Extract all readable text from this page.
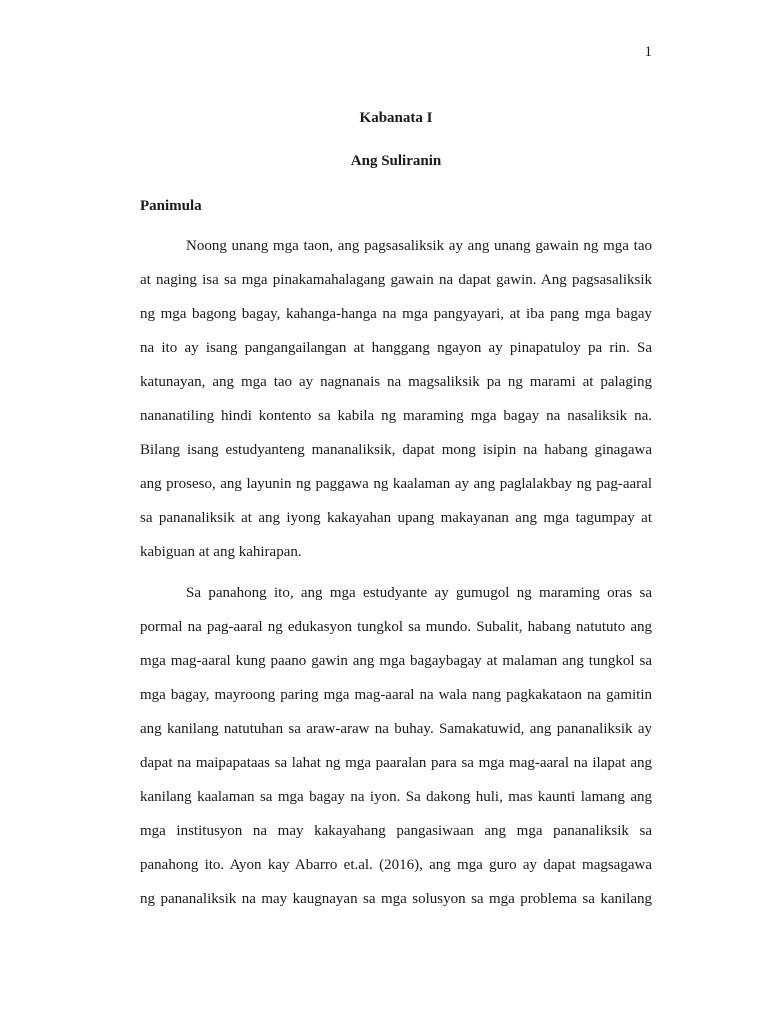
1
Kabanata I
Ang Suliranin
Panimula
Noong unang mga taon, ang pagsasaliksik ay ang unang gawain ng mga tao
at naging isa sa mga pinakamahalagang gawain na dapat gawin. Ang pagsasaliksik
ng mga bagong bagay, kahanga-hanga na mga pangyayari, at iba pang mga bagay
na ito ay isang pangangailangan at hanggang ngayon ay pinapatuloy pa rin. Sa
katunayan, ang mga tao ay nagnanais na magsaliksik pa ng marami at palaging
nananatiling hindi kontento sa kabila ng maraming mga bagay na nasaliksik na.
Bilang isang estudyanteng mananaliksik, dapat mong isipin na habang ginagawa
ang proseso, ang layunin ng paggawa ng kaalaman ay ang paglalakbay ng pag-aaral
sa pananaliksik at ang iyong kakayahan upang makayanan ang mga tagumpay at
kabiguan at ang kahirapan.
Sa panahong ito, ang mga estudyante ay gumugol ng maraming oras sa
pormal na pag-aaral ng edukasyon tungkol sa mundo. Subalit, habang natututo ang
mga mag-aaral kung paano gawin ang mga bagaybagay at malaman ang tungkol sa
mga bagay, mayroong paring mga mag-aaral na wala nang pagkakataon na gamitin
ang kanilang natutuhan sa araw-araw na buhay. Samakatuwid, ang pananaliksik ay
dapat na maipapataas sa lahat ng mga paaralan para sa mga mag-aaral na ilapat ang
kanilang kaalaman sa mga bagay na iyon. Sa dakong huli, mas kaunti lamang ang
mga institusyon na may kakayahang pangasiwaan ang mga pananaliksik sa
panahong ito. Ayon kay Abarro et.al. (2016), ang mga guro ay dapat magsagawa
ng pananaliksik na may kaugnayan sa mga solusyon sa mga problema sa kanilang
